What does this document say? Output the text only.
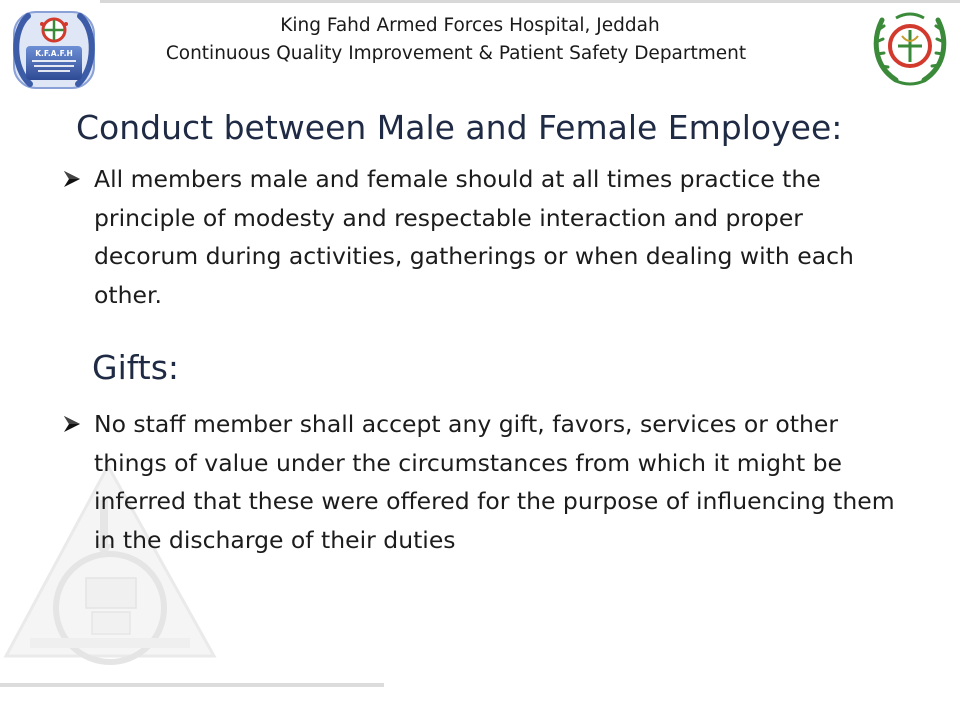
K.F.A.F.H
King Fahd Armed Forces Hospital, Jeddah
Continuous Quality Improvement & Patient Safety Department
Conduct between Male and Female Employee:
All members male and female should at all times practice the principle of modesty and respectable interaction and proper decorum during activities, gatherings or when dealing with each other.
Gifts:
No staff member shall accept any gift, favors, services or other things of value under the circumstances from which it might be inferred that these were offered for the purpose of influencing them in the discharge of their duties
